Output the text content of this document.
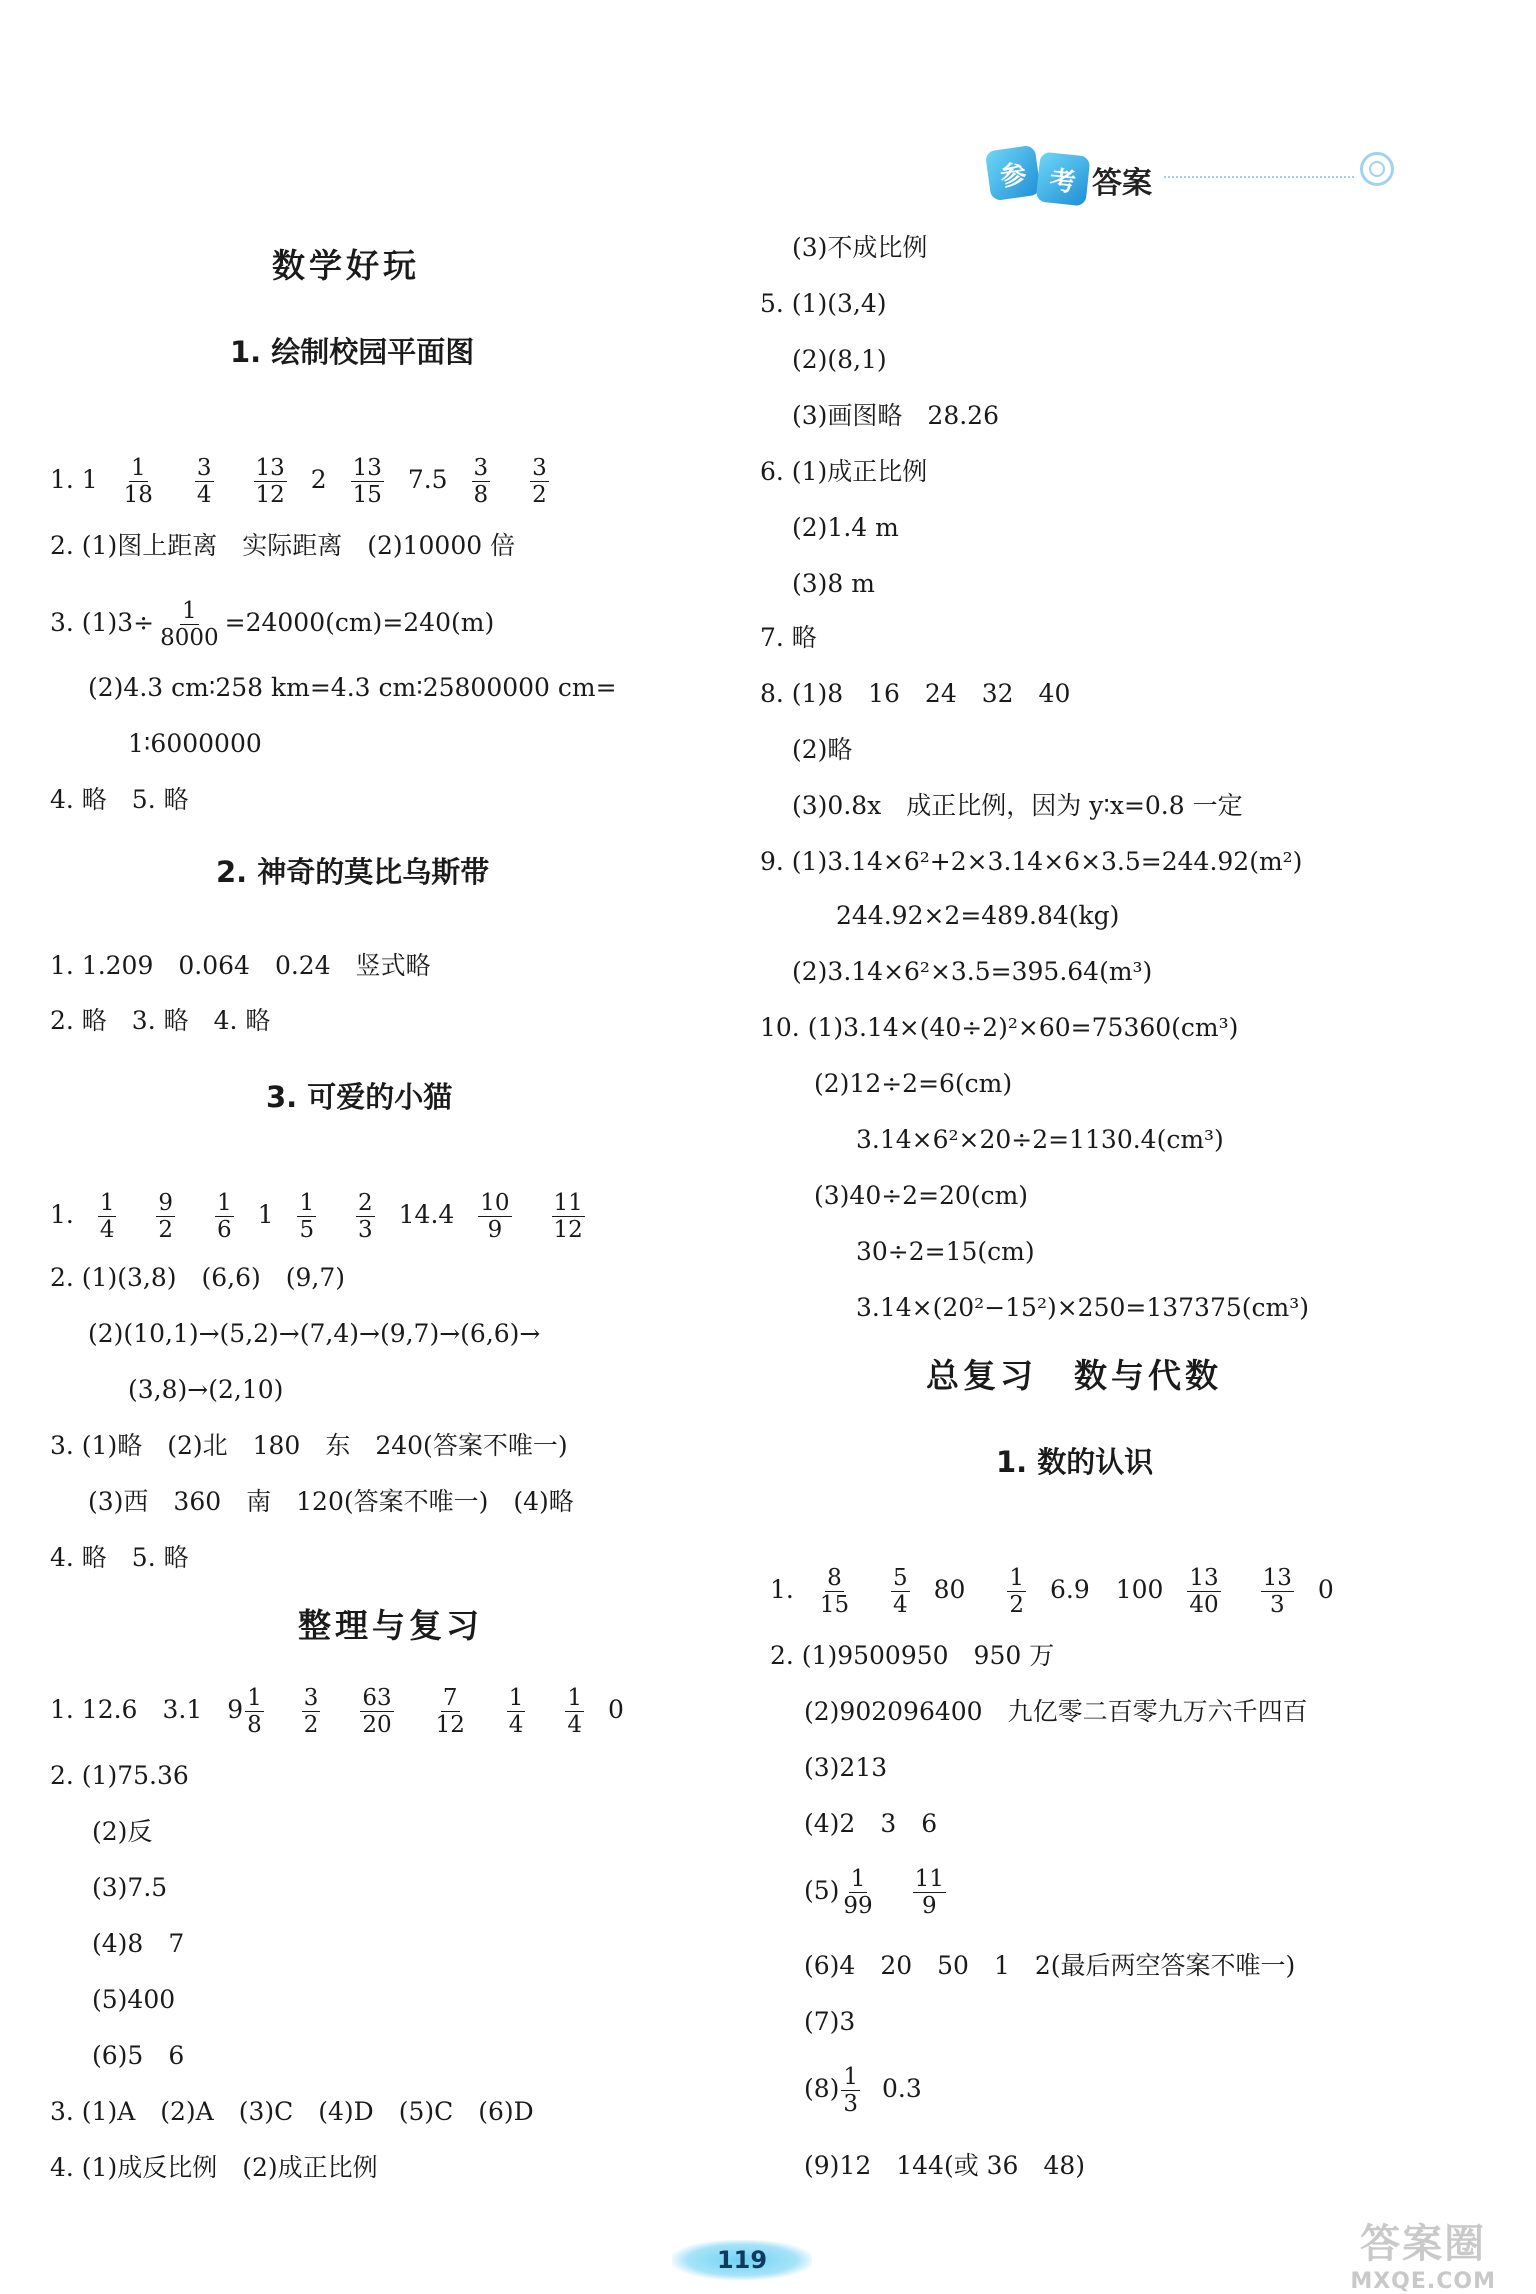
参 考 答案
数学好玩
1. 绘制校园平面图
1. $1 \frac{1}{18}$
$\frac{3}{4}$
$\frac{13}{12} 2 \frac{13}{15} 7.5 \frac{3}{8}$
$\frac{3}{2}$
2. (1)图上距离　实际距离　(2)10000 倍
3. $(1)3\div \frac{1}{8000} =24000(cm)=240(m)$
(2)4.3 cm∶258 km=4.3 cm∶25800000 cm=
1∶6000000
4. 略　5. 略
2. 神奇的莫比乌斯带
1. 1.209　0.064　0.24　竖式略
2. 略　3. 略　4. 略
3. 可爱的小猫
1. $\frac{1}{4}$
$\frac{9}{2}$
$\frac{1}{6} 1 \frac{1}{5}$
$\frac{2}{3} 14.4 \frac{10}{9}$
$\frac{11}{12}$
2. (1)(3,8)　(6,6)　(9,7)
(2)(10,1)→(5,2)→(7,4)→(9,7)→(6,6)→
(3,8)→(2,10)
3. (1)略　(2)北　180　东　240(答案不唯一)
(3)西　360　南　120(答案不唯一)　(4)略
4. 略　5. 略
整理与复习
1. 12.6　3.1　$9 \frac{1}{8}$
$\frac{3}{2}$
$\frac{63}{20}$
$\frac{7}{12}$
$\frac{1}{4}$
$\frac{1}{4} 0$
2. (1)75.36
(2)反
(3)7.5
(4)8　7
(5)400
(6)5　6
3. (1)A　(2)A　(3)C　(4)D　(5)C　(6)D
4. (1)成反比例　(2)成正比例
(3)不成比例
5. (1)(3,4)
(2)(8,1)
(3)画图略　28.26
6. (1)成正比例
(2)1.4 m
(3)8 m
7. 略
8. (1)8　16　24　32　40
(2)略
(3)0.8x　成正比例，因为 y∶x=0.8 一定
9. (1)3.14×6²+2×3.14×6×3.5=244.92(m²)
244.92×2=489.84(kg)
(2)3.14×6²×3.5=395.64(m³)
10. (1)3.14×(40÷2)²×60=75360(cm³)
(2)12÷2=6(cm)
3.14×6²×20÷2=1130.4(cm³)
(3)40÷2=20(cm)
30÷2=15(cm)
3.14×(20²−15²)×250=137375(cm³)
总复习　数与代数
1. 数的认识
1. $\frac{8}{15}$
$\frac{5}{4} 80 \frac{1}{2} 6.9$ $100 \frac{13}{40}$
$\frac{13}{3} 0$
2. (1)9500950　950 万
(2)902096400　九亿零二百零九万六千四百
(3)213
(4)2　3　6
$(5) \frac{1}{99}$
$\frac{11}{9}$
(6)4　20　50　1　2(最后两空答案不唯一)
(7)3
$(8) \frac{1}{3} 0.3$
(9)12　144(或 36　48)
119	答案圈
MXQE.COM
